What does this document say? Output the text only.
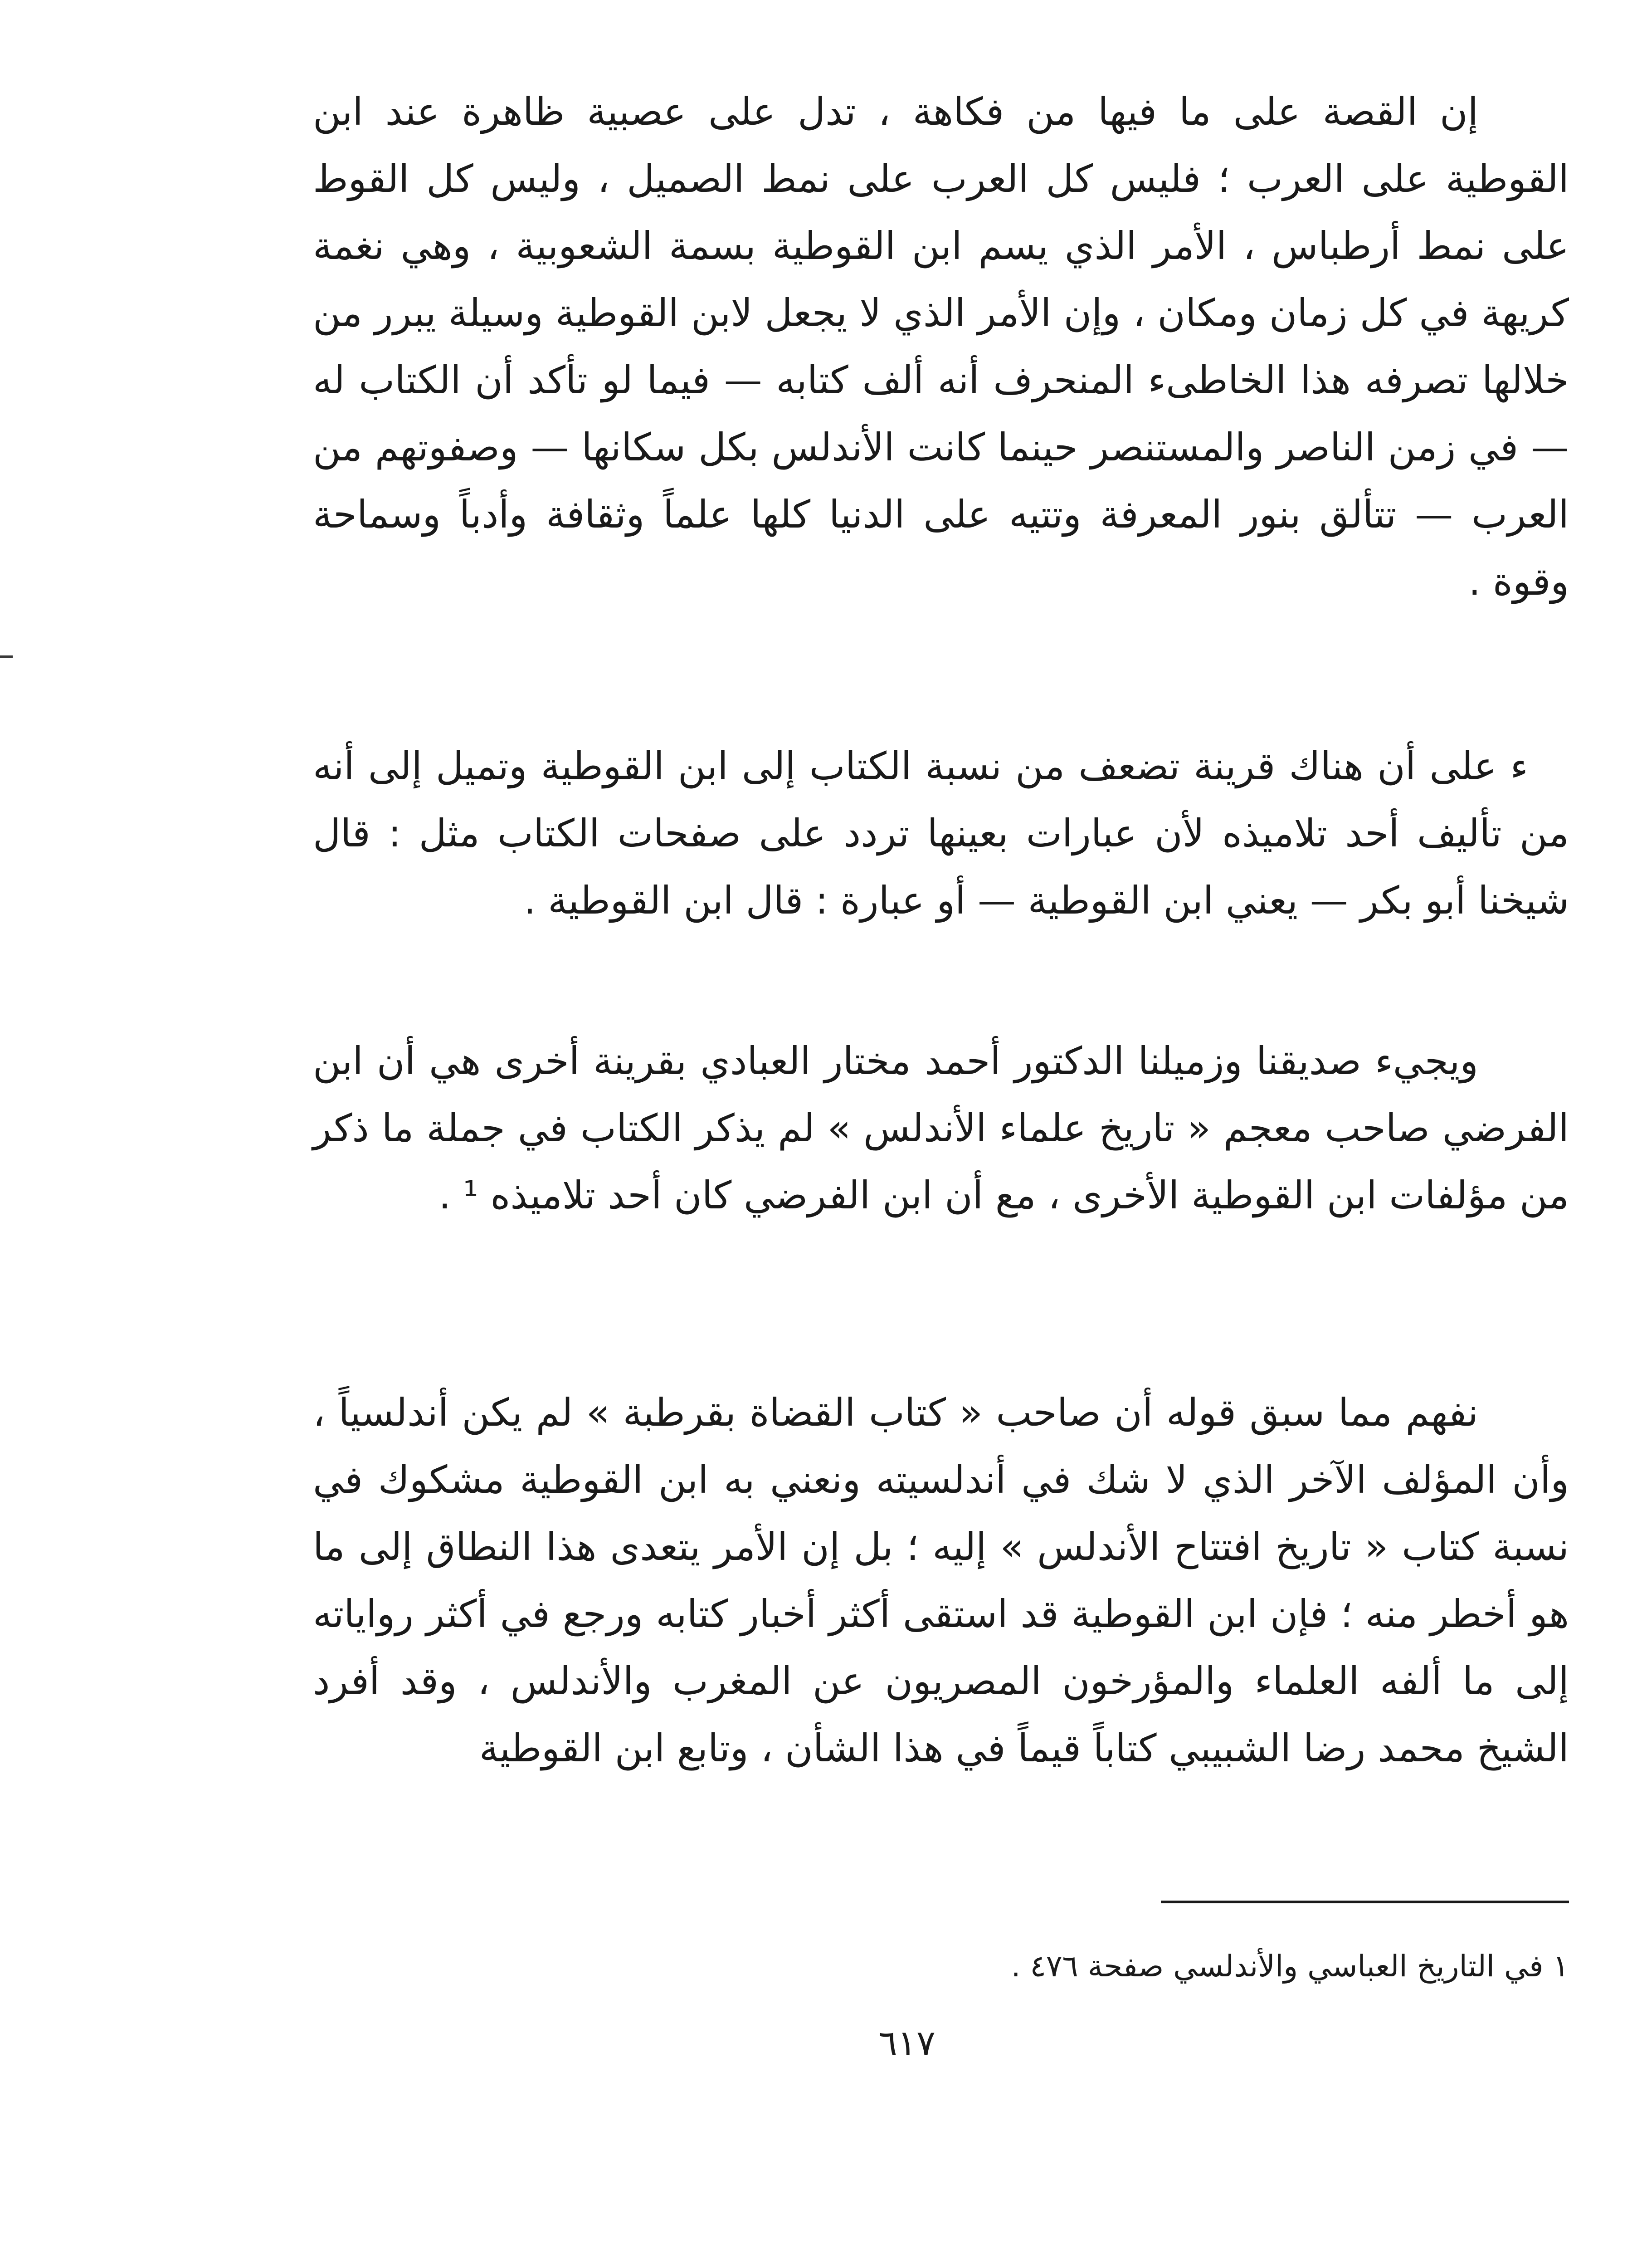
إن القصة على ما فيها من فكاهة ، تدل على عصبية ظاهرة عند ابن القوطية على العرب ؛ فليس كل العرب على نمط الصميل ، وليس كل القوط على نمط أرطباس ، الأمر الذي يسم ابن القوطية بسمة الشعوبية ، وهي نغمة كريهة في كل زمان ومكان ، وإن الأمر الذي لا يجعل لابن القوطية وسيلة يبرر من خلالها تصرفه هذا الخاطىء المنحرف أنه ألف كتابه — فيما لو تأكد أن الكتاب له — في زمن الناصر والمستنصر حينما كانت الأندلس بكل سكانها — وصفوتهم من العرب — تتألق بنور المعرفة وتتيه على الدنيا كلها علماً وثقافة وأدباً وسماحة وقوة .

ء على أن هناك قرينة تضعف من نسبة الكتاب إلى ابن القوطية وتميل إلى أنه من تأليف أحد تلاميذه لأن عبارات بعينها تردد على صفحات الكتاب مثل : قال شيخنا أبو بكر — يعني ابن القوطية — أو عبارة : قال ابن القوطية .

ويجيء صديقنا وزميلنا الدكتور أحمد مختار العبادي بقرينة أخرى هي أن ابن الفرضي صاحب معجم « تاريخ علماء الأندلس » لم يذكر الكتاب في جملة ما ذكر من مؤلفات ابن القوطية الأخرى ، مع أن ابن الفرضي كان أحد تلاميذه ¹ .

نفهم مما سبق قوله أن صاحب « كتاب القضاة بقرطبة » لم يكن أندلسياً ، وأن المؤلف الآخر الذي لا شك في أندلسيته ونعني به ابن القوطية مشكوك في نسبة كتاب « تاريخ افتتاح الأندلس » إليه ؛ بل إن الأمر يتعدى هذا النطاق إلى ما هو أخطر منه ؛ فإن ابن القوطية قد استقى أكثر أخبار كتابه ورجع في أكثر رواياته إلى ما ألفه العلماء والمؤرخون المصريون عن المغرب والأندلس ، وقد أفرد الشيخ محمد رضا الشبيبي كتاباً قيماً في هذا الشأن ، وتابع ابن القوطية

١ في التاريخ العباسي والأندلسي صفحة ٤٧٦ .

٦١٧
